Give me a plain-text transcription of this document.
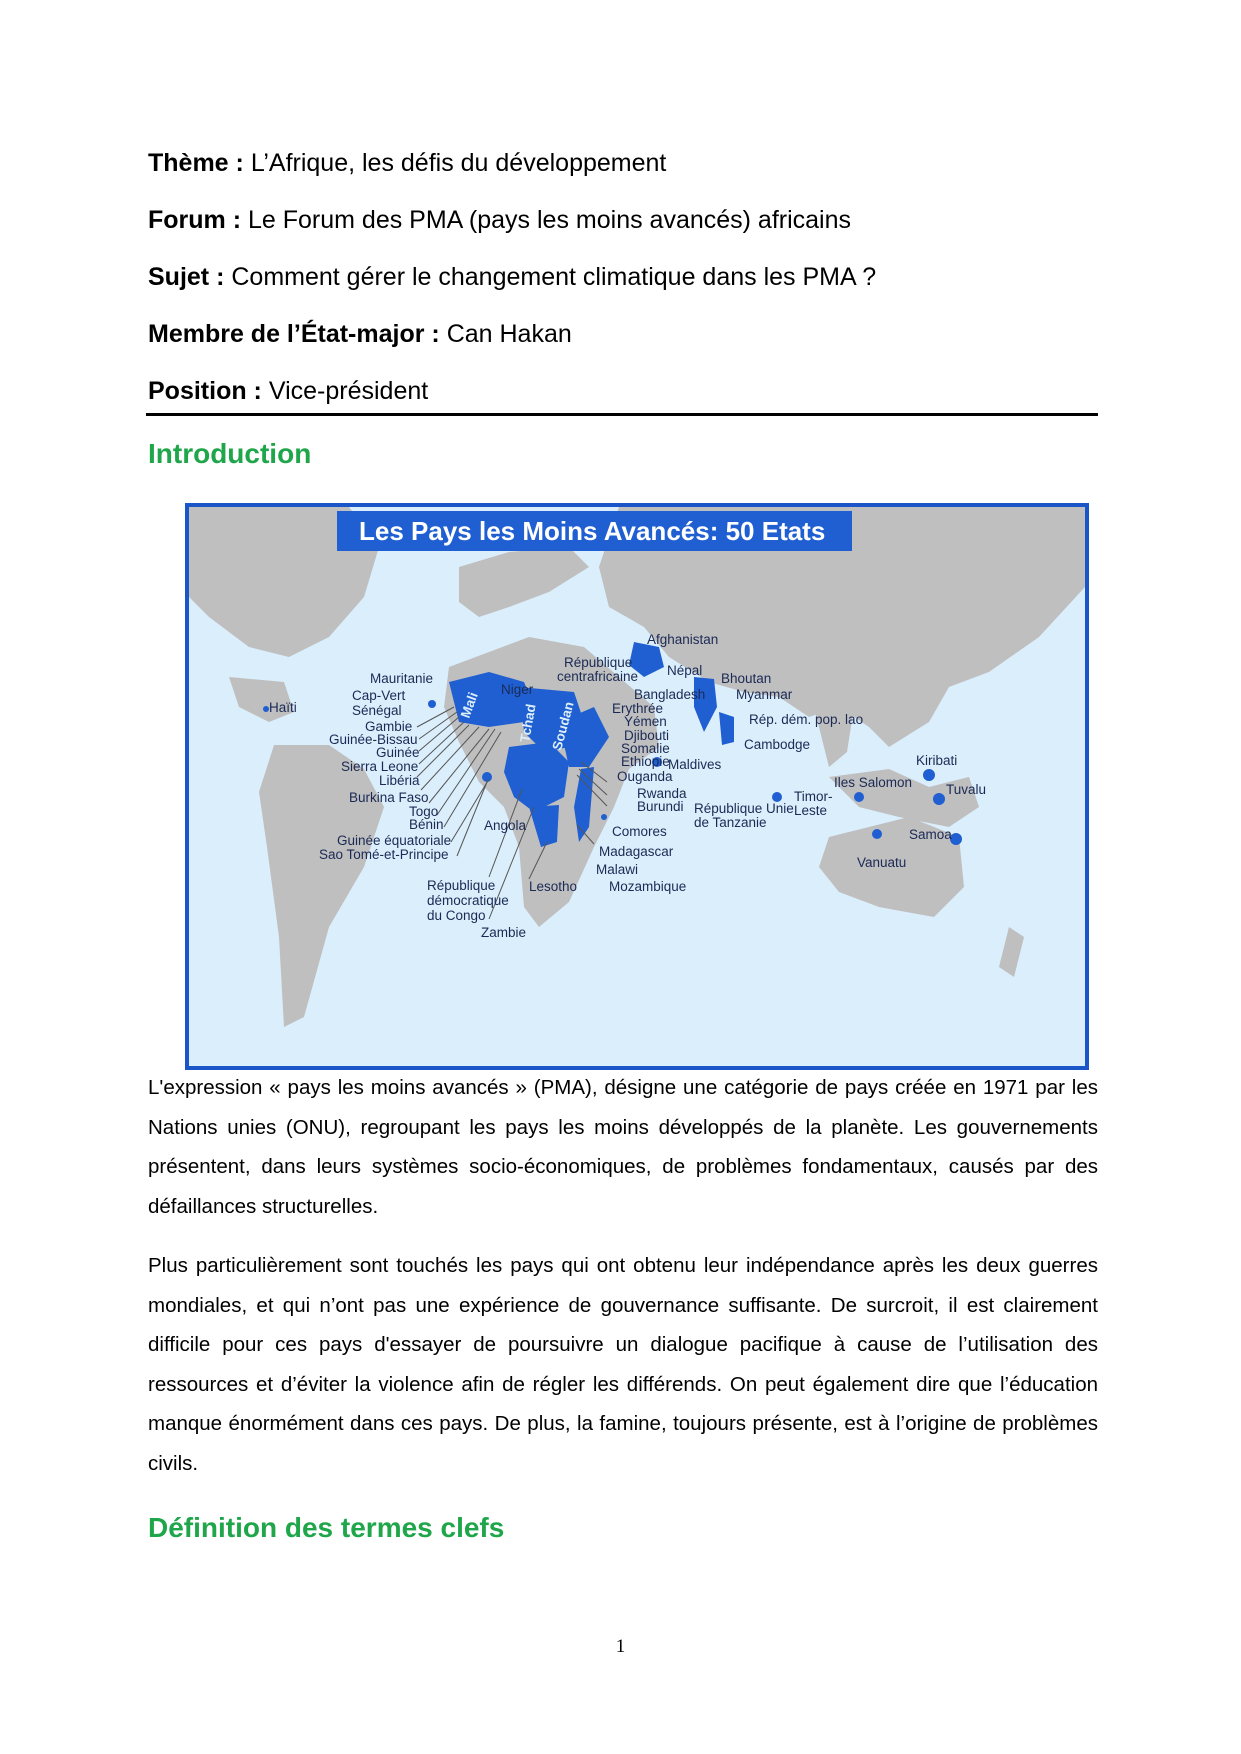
Thème : L’Afrique, les défis du développement
Forum : Le Forum des PMA (pays les moins avancés) africains
Sujet : Comment gérer le changement climatique dans les PMA ?
Membre de l’État-major : Can Hakan
Position : Vice-président
Introduction
Les Pays les Moins Avancés: 50 Etats
Haïti
Mauritanie
Cap-Vert
Sénégal
Gambie
Guinée-Bissau
Guinée
Sierra Leone
Libéria
Burkina Faso
Togo
Bénin
Guinée équatoriale
Sao Tomé-et-Principe
République
démocratique
du Congo
Zambie
Lesotho Mozambique
Malawi
Madagascar
Comores
Angola
Mali
Niger
Tchad Soudan
République
centrafricaine
Afghanistan
Népal
Bhoutan
Bangladesh Myanmar
Erythrée
Yémen
Djibouti
Somalie
Ethiopie
Maldives
Ouganda
Rwanda
Burundi République Unie
de Tanzanie
Rép. dém. pop. lao
Cambodge
Iles Salomon
Timor-
Leste
Kiribati
Tuvalu
Samoa
Vanuatu

L'expression « pays les moins avancés » (PMA), désigne une catégorie de pays créée en 1971 par les Nations unies (ONU), regroupant les pays les moins développés de la planète. Les gouvernements présentent, dans leurs systèmes socio-économiques, de problèmes fondamentaux, causés par des défaillances structurelles.

Plus particulièrement sont touchés les pays qui ont obtenu leur indépendance après les deux guerres mondiales, et qui n’ont pas une expérience de gouvernance suffisante. De surcroit, il est clairement difficile pour ces pays d'essayer de poursuivre un dialogue pacifique à cause de l’utilisation des ressources et d’éviter la violence afin de régler les différends. On peut également dire que l’éducation manque énormément dans ces pays. De plus, la famine, toujours présente, est à l’origine de problèmes civils.

Définition des termes clefs
1
